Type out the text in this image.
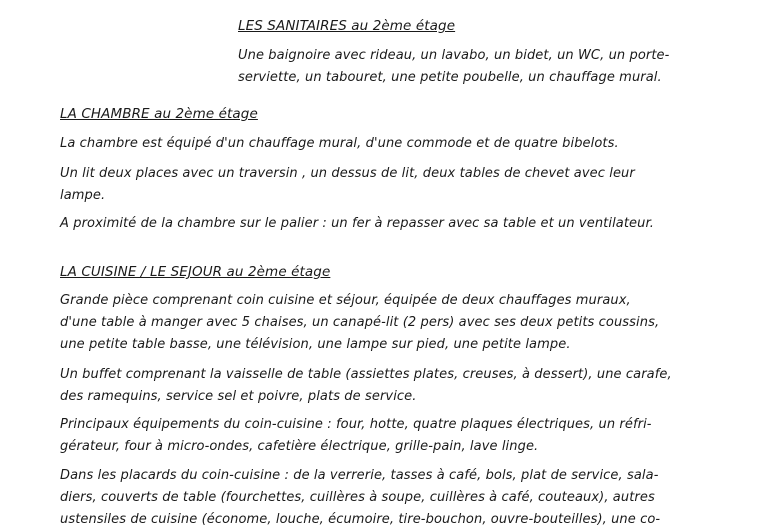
LES SANITAIRES au 2ème étage
Une baignoire avec rideau, un lavabo, un bidet, un WC, un porte-
serviette, un tabouret, une petite poubelle, un chauffage mural.
LA CHAMBRE au 2ème étage
La chambre est équipé d'un chauffage mural, d'une commode et de quatre bibelots.
Un lit deux places avec un traversin , un dessus de lit, deux tables de chevet avec leur
lampe.
A proximité de la chambre sur le palier : un fer à repasser avec sa table et un ventilateur.
LA CUISINE / LE SEJOUR au 2ème étage
Grande pièce comprenant coin cuisine et séjour, équipée de deux chauffages muraux,
d'une table à manger avec 5 chaises, un canapé-lit (2 pers) avec ses deux petits coussins,
une petite table basse, une télévision, une lampe sur pied, une petite lampe.
Un buffet comprenant la vaisselle de table (assiettes plates, creuses, à dessert), une carafe,
des ramequins, service sel et poivre, plats de service.
Principaux équipements du coin-cuisine : four, hotte, quatre plaques électriques, un réfri-
gérateur, four à micro-ondes, cafetière électrique, grille-pain, lave linge.
Dans les placards du coin-cuisine : de la verrerie, tasses à café, bols, plat de service, sala-
diers, couverts de table (fourchettes, cuillères à soupe, cuillères à café, couteaux), autres
ustensiles de cuisine (économe, louche, écumoire, tire-bouchon, ouvre-bouteilles), une co-
